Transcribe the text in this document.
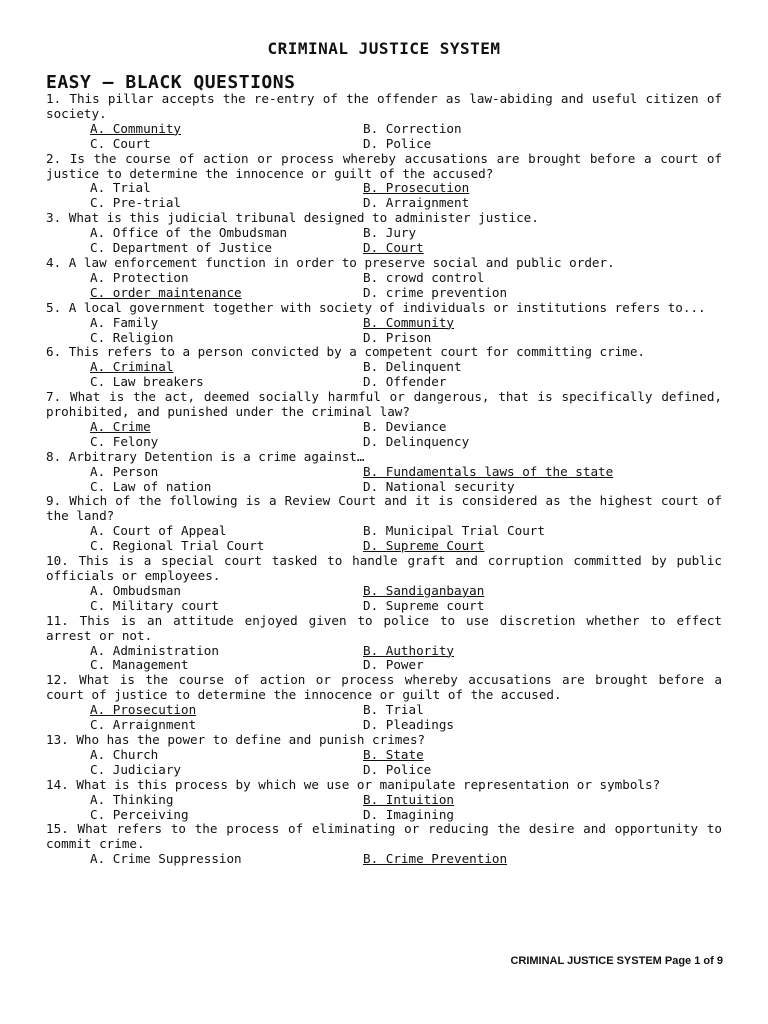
CRIMINAL JUSTICE SYSTEM
EASY – BLACK QUESTIONS
1. This pillar accepts the re-entry of the offender as law-abiding and useful citizen of society.
A. Community	B. Correction
C. Court	D. Police
2. Is the course of action or process whereby accusations are brought before a court of justice to determine the innocence or guilt of the accused?
A. Trial	B. Prosecution
C. Pre-trial	D. Arraignment
3. What is this judicial tribunal designed to administer justice.
A. Office of the Ombudsman	B. Jury
C. Department of Justice	D. Court
4. A law enforcement function in order to preserve social and public order.
A. Protection	B. crowd control
C. order maintenance	D. crime prevention
5. A local government together with society of individuals or institutions refers to...
A. Family	B. Community
C. Religion	D. Prison
6. This refers to a person convicted by a competent court for committing crime.
A. Criminal	B. Delinquent
C. Law breakers	D. Offender
7. What is the act, deemed socially harmful or dangerous, that is specifically defined, prohibited, and punished under the criminal law?
A. Crime	B. Deviance
C. Felony	D. Delinquency
8. Arbitrary Detention is a crime against…
A. Person	B. Fundamentals laws of the state
C. Law of nation	D. National security
9. Which of the following is a Review Court and it is considered as the highest court of the land?
A. Court of Appeal	B. Municipal Trial Court
C. Regional Trial Court	D. Supreme Court
10. This is a special court tasked to handle graft and corruption committed by public officials or employees.
A. Ombudsman	B. Sandiganbayan
C. Military court	D. Supreme court
11. This is an attitude enjoyed given to police to use discretion whether to effect arrest or not.
A. Administration	B. Authority
C. Management	D. Power
12. What is the course of action or process whereby accusations are brought before a court of justice to determine the innocence or guilt of the accused.
A. Prosecution	B. Trial
C. Arraignment	D. Pleadings
13. Who has the power to define and punish crimes?
A. Church	B. State
C. Judiciary	D. Police
14. What is this process by which we use or manipulate representation or symbols?
A. Thinking	B. Intuition
C. Perceiving	D. Imagining
15. What refers to the process of eliminating or reducing the desire and opportunity to commit crime.
A. Crime Suppression	B. Crime Prevention
CRIMINAL JUSTICE SYSTEM Page 1 of 9
